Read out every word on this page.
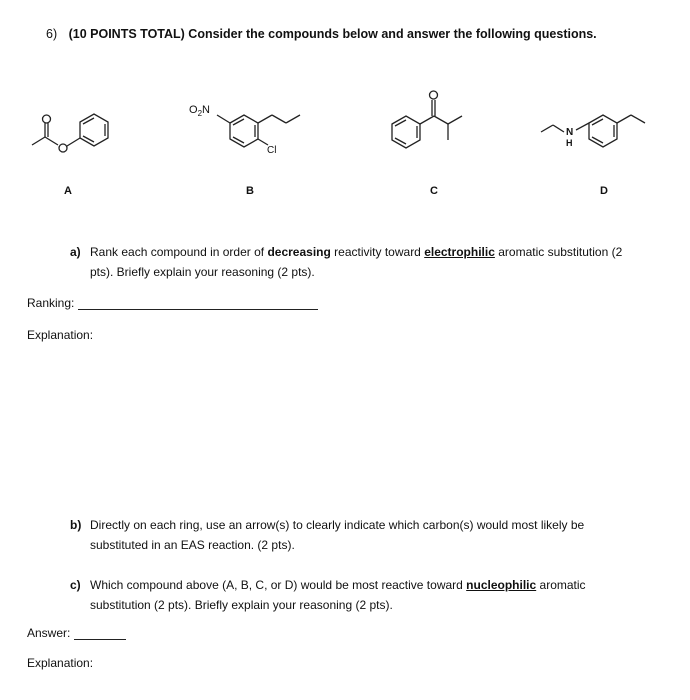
6) (10 POINTS TOTAL) Consider the compounds below and answer the following questions.
$O_2N$
Cl
N
H
A	B	C	D
a) Rank each compound in order of decreasing reactivity toward electrophilic aromatic substitution (2
pts). Briefly explain your reasoning (2 pts).
Ranking:
Explanation:
b) Directly on each ring, use an arrow(s) to clearly indicate which carbon(s) would most likely be
substituted in an EAS reaction. (2 pts).
c) Which compound above (A, B, C, or D) would be most reactive toward nucleophilic aromatic
substitution (2 pts). Briefly explain your reasoning (2 pts).
Answer:
Explanation:
